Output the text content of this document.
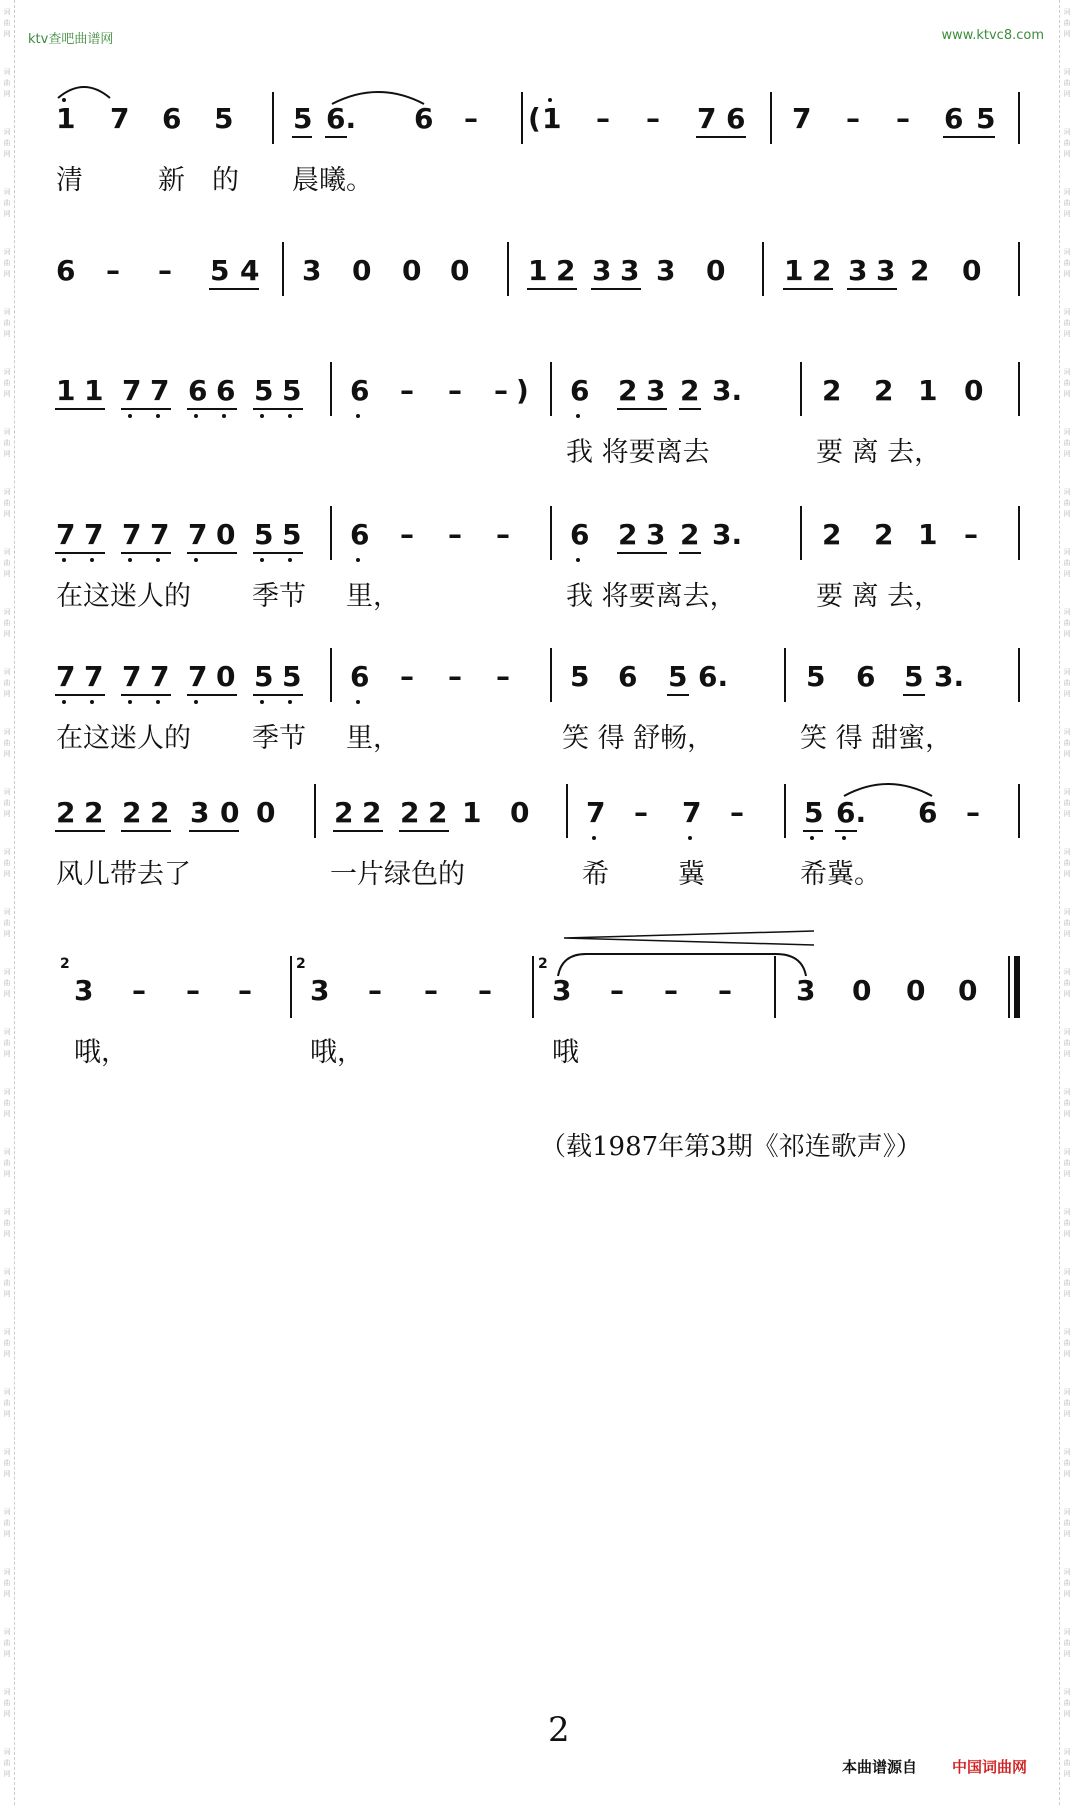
词	词
曲	曲
网	网
词	词
曲	曲
网	网
词	词
曲	曲
网	网
词	词
曲	曲
网	网
词	词
曲	曲
网	网
词	词
曲	曲
网	网
词	词
曲	曲
网	网
词	词
曲	曲
网	网
词	词
曲	曲
网	网
词	词
曲	曲
网	网
词	词
曲	曲
网	网
词	词
曲	曲
网	网
词	词
曲	曲
网	网
词	词
曲	曲
网	网
词	词
曲	曲
网	网
词	词
曲	曲
网	网
词	词
曲	曲
网	网
词	词
曲	曲
网	网
词	词
曲	曲
网	网
词	词
曲	曲
网	网
词	词
曲	曲
网	网
词	词
曲	曲
网	网
词	词
曲	曲
网	网
词	词
曲	曲
网	网
词	词
曲	曲
网	网
词	词
曲	曲
网	网
词	词
曲	曲
网	网
词	词
曲	曲
网	网
词	词
曲	曲
网	网
词	词
曲	曲
网	网
ktv查吧曲谱网	www.ktvc8.com
1 7 6 5 5 6. 6 – ( 1 – – 7 6 7 – – 6 5
清	新 的 晨曦。
6 – – 5 4 3 0 0 0 1 2 3 3 3 0 1 2 3 3 2 0
1 1 7 7 6 6 5 5 6 – – – ) 6 2 3 2 3.	2 2 1 0
我 将要离去	要 离 去，
7 7 7 7 7 0 5 5 6 – – – 6 2 3 2 3.	2 2 1 –
在这迷人的 季节 里，	我 将要离去，	要 离 去，
7 7 7 7 7 0 5 5 6 – – – 5 6 5 6.	5 6 5 3.
在这迷人的 季节 里，	笑 得 舒畅，	笑 得 甜蜜，
2 2 2 2 3 0 0 2 2 2 2 1 0 7 – 7 – 5 6. 6 –
风儿带去了	一片绿色的	希	冀	希冀。
2
3 – – –
2
3 – – –
2
3 – – – 3 0 0 0
哦，	哦，	哦
（载1987年第3期《祁连歌声》）
2
本曲谱源自 中国词曲网
